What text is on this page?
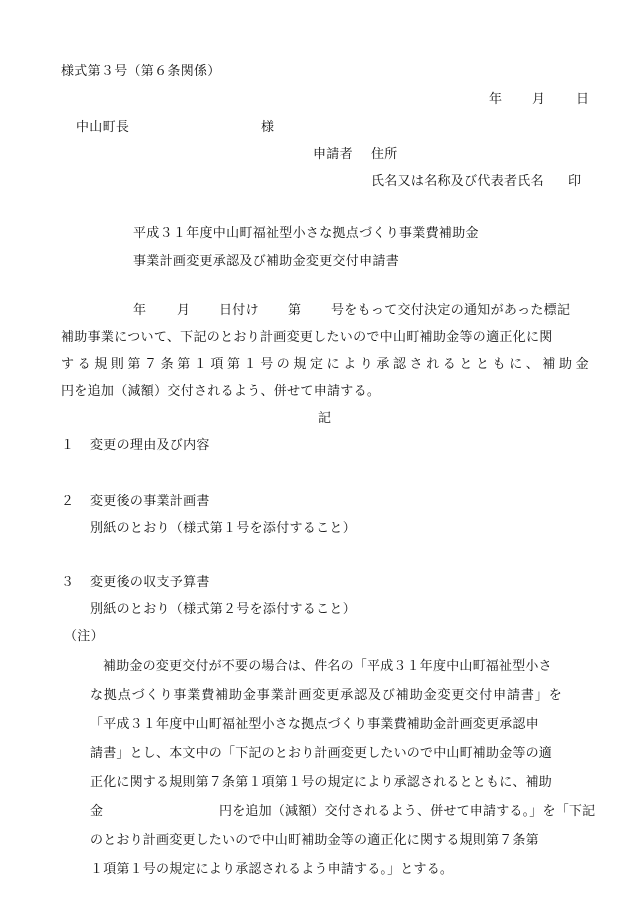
様式第３号（第６条関係）
年 月 日
中山町長	様
申請者 住所
氏名又は名称及び代表者氏名 印
平成３１年度中山町福祉型小さな拠点づくり事業費補助金
事業計画変更承認及び補助金変更交付申請書
年 月 日付け 第 号をもって交付決定の通知があった標記
補助事業について、下記のとおり計画変更したいので中山町補助金等の適正化に関
する規則第７条第１項第１号の規定により承認されるとともに、補助金
円を追加（減額）交付されるよう、併せて申請する。
記
１ 変更の理由及び内容
２ 変更後の事業計画書
別紙のとおり（様式第１号を添付すること）
３ 変更後の収支予算書
別紙のとおり（様式第２号を添付すること）
（注）
補助金の変更交付が不要の場合は、件名の「平成３１年度中山町福祉型小さ
な拠点づくり事業費補助金事業計画変更承認及び補助金変更交付申請書」を
「平成３１年度中山町福祉型小さな拠点づくり事業費補助金計画変更承認申
請書」とし、本文中の「下記のとおり計画変更したいので中山町補助金等の適
正化に関する規則第７条第１項第１号の規定により承認されるとともに、補助
金	円を追加（減額）交付されるよう、併せて申請する。」を「下記
のとおり計画変更したいので中山町補助金等の適正化に関する規則第７条第
１項第１号の規定により承認されるよう申請する。」とする。
